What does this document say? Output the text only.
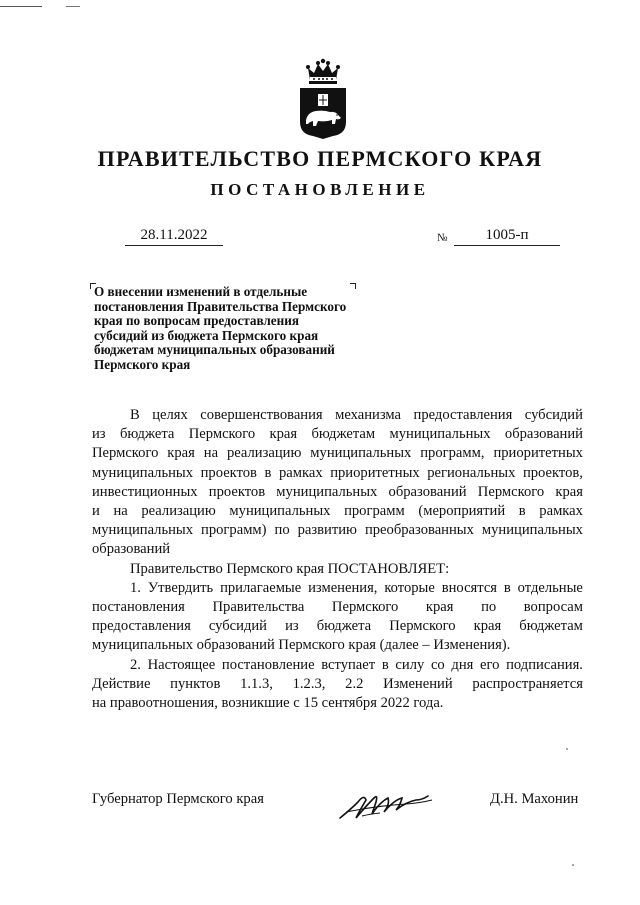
ПРАВИТЕЛЬСТВО ПЕРМСКОГО КРАЯ
ПОСТАНОВЛЕНИЕ
28.11.2022	№	1005-п
О внесении изменений в отдельные
постановления Правительства Пермского
края по вопросам предоставления
субсидий из бюджета Пермского края
бюджетам муниципальных образований
Пермского края
В целях совершенствования механизма предоставления субсидий
из бюджета Пермского края бюджетам муниципальных образований
Пермского края на реализацию муниципальных программ, приоритетных
муниципальных проектов в рамках приоритетных региональных проектов,
инвестиционных проектов муниципальных образований Пермского края
и на реализацию муниципальных программ (мероприятий в рамках
муниципальных программ) по развитию преобразованных муниципальных
образований
Правительство Пермского края ПОСТАНОВЛЯЕТ:
1. Утвердить прилагаемые изменения, которые вносятся в отдельные
постановления Правительства Пермского края по вопросам
предоставления субсидий из бюджета Пермского края бюджетам
муниципальных образований Пермского края (далее – Изменения).
2. Настоящее постановление вступает в силу со дня его подписания.
Действие пунктов 1.1.3, 1.2.3, 2.2 Изменений распространяется
на правоотношения, возникшие с 15 сентября 2022 года.
Губернатор Пермского края	Д.Н. Махонин
